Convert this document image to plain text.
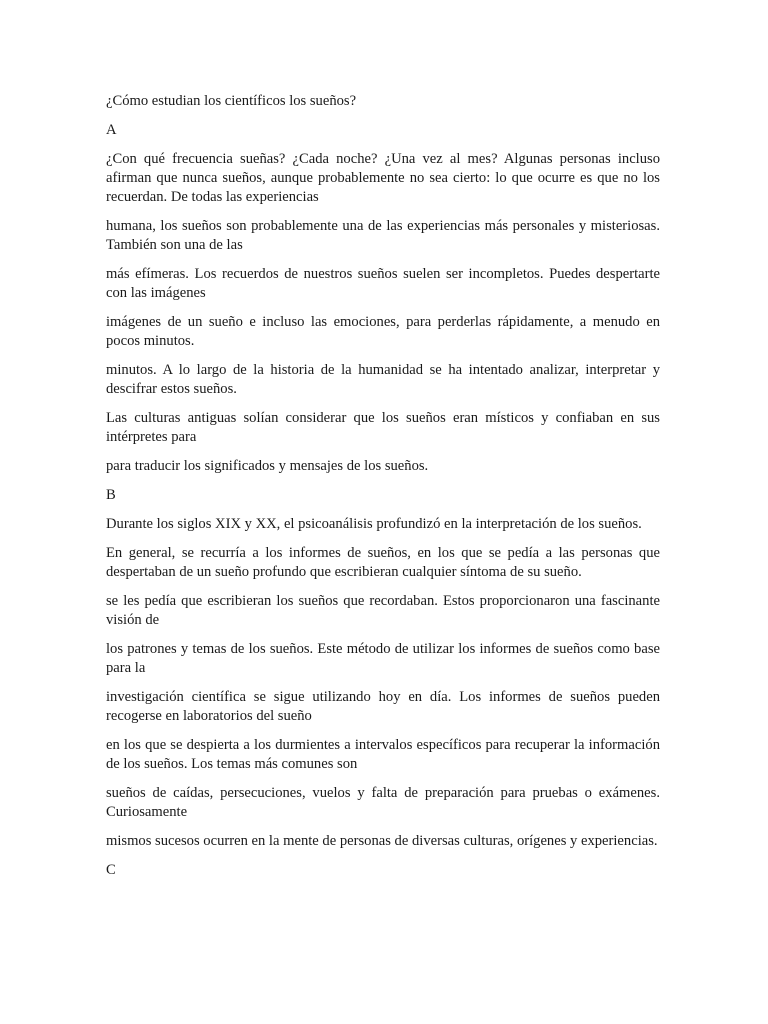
¿Cómo estudian los científicos los sueños?

A

¿Con qué frecuencia sueñas? ¿Cada noche? ¿Una vez al mes? Algunas personas incluso afirman que nunca sueños, aunque probablemente no sea cierto: lo que ocurre es que no los recuerdan. De todas las experiencias

humana, los sueños son probablemente una de las experiencias más personales y misteriosas. También son una de las

más efímeras. Los recuerdos de nuestros sueños suelen ser incompletos. Puedes despertarte con las imágenes

imágenes de un sueño e incluso las emociones, para perderlas rápidamente, a menudo en pocos minutos.

minutos. A lo largo de la historia de la humanidad se ha intentado analizar, interpretar y descifrar estos sueños.

Las culturas antiguas solían considerar que los sueños eran místicos y confiaban en sus intérpretes para

para traducir los significados y mensajes de los sueños.

B

Durante los siglos XIX y XX, el psicoanálisis profundizó en la interpretación de los sueños.

En general, se recurría a los informes de sueños, en los que se pedía a las personas que despertaban de un sueño profundo que escribieran cualquier síntoma de su sueño.

se les pedía que escribieran los sueños que recordaban. Estos proporcionaron una fascinante visión de

los patrones y temas de los sueños. Este método de utilizar los informes de sueños como base para la

investigación científica se sigue utilizando hoy en día. Los informes de sueños pueden recogerse en laboratorios del sueño

en los que se despierta a los durmientes a intervalos específicos para recuperar la información de los sueños. Los temas más comunes son

sueños de caídas, persecuciones, vuelos y falta de preparación para pruebas o exámenes. Curiosamente

mismos sucesos ocurren en la mente de personas de diversas culturas, orígenes y experiencias.

C
